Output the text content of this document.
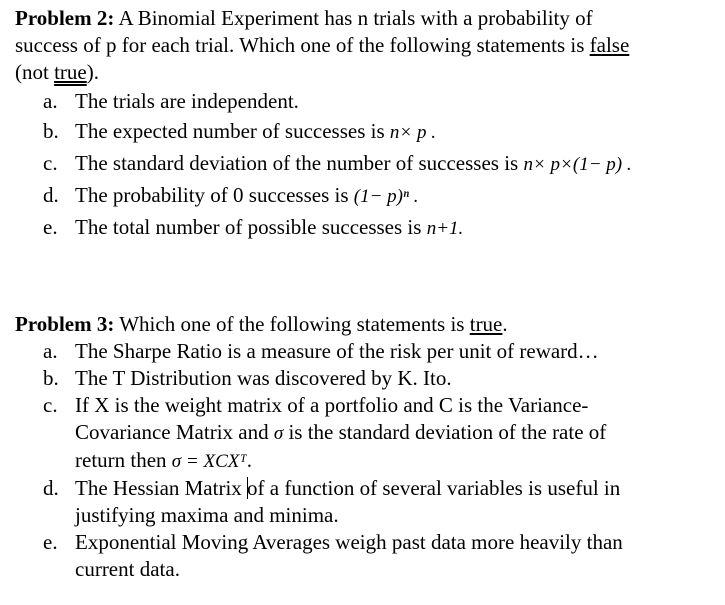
Problem 2: A Binomial Experiment has n trials with a probability of
success of p for each trial. Which one of the following statements is false
(not true).

a. The trials are independent.
b. The expected number of successes is n× p .
c. The standard deviation of the number of successes is n× p×(1− p) .
d. The probability of 0 successes is (1− p)ⁿ .
e. The total number of possible successes is n+1.

Problem 3: Which one of the following statements is true.

a. The Sharpe Ratio is a measure of the risk per unit of reward…
b. The T Distribution was discovered by K. Ito.
c. If X is the weight matrix of a portfolio and C is the Variance-
Covariance Matrix and σ is the standard deviation of the rate of
return then σ = XCXᵀ.
d. The Hessian Matrix of a function of several variables is useful in
justifying maxima and minima.
e. Exponential Moving Averages weigh past data more heavily than
current data.
